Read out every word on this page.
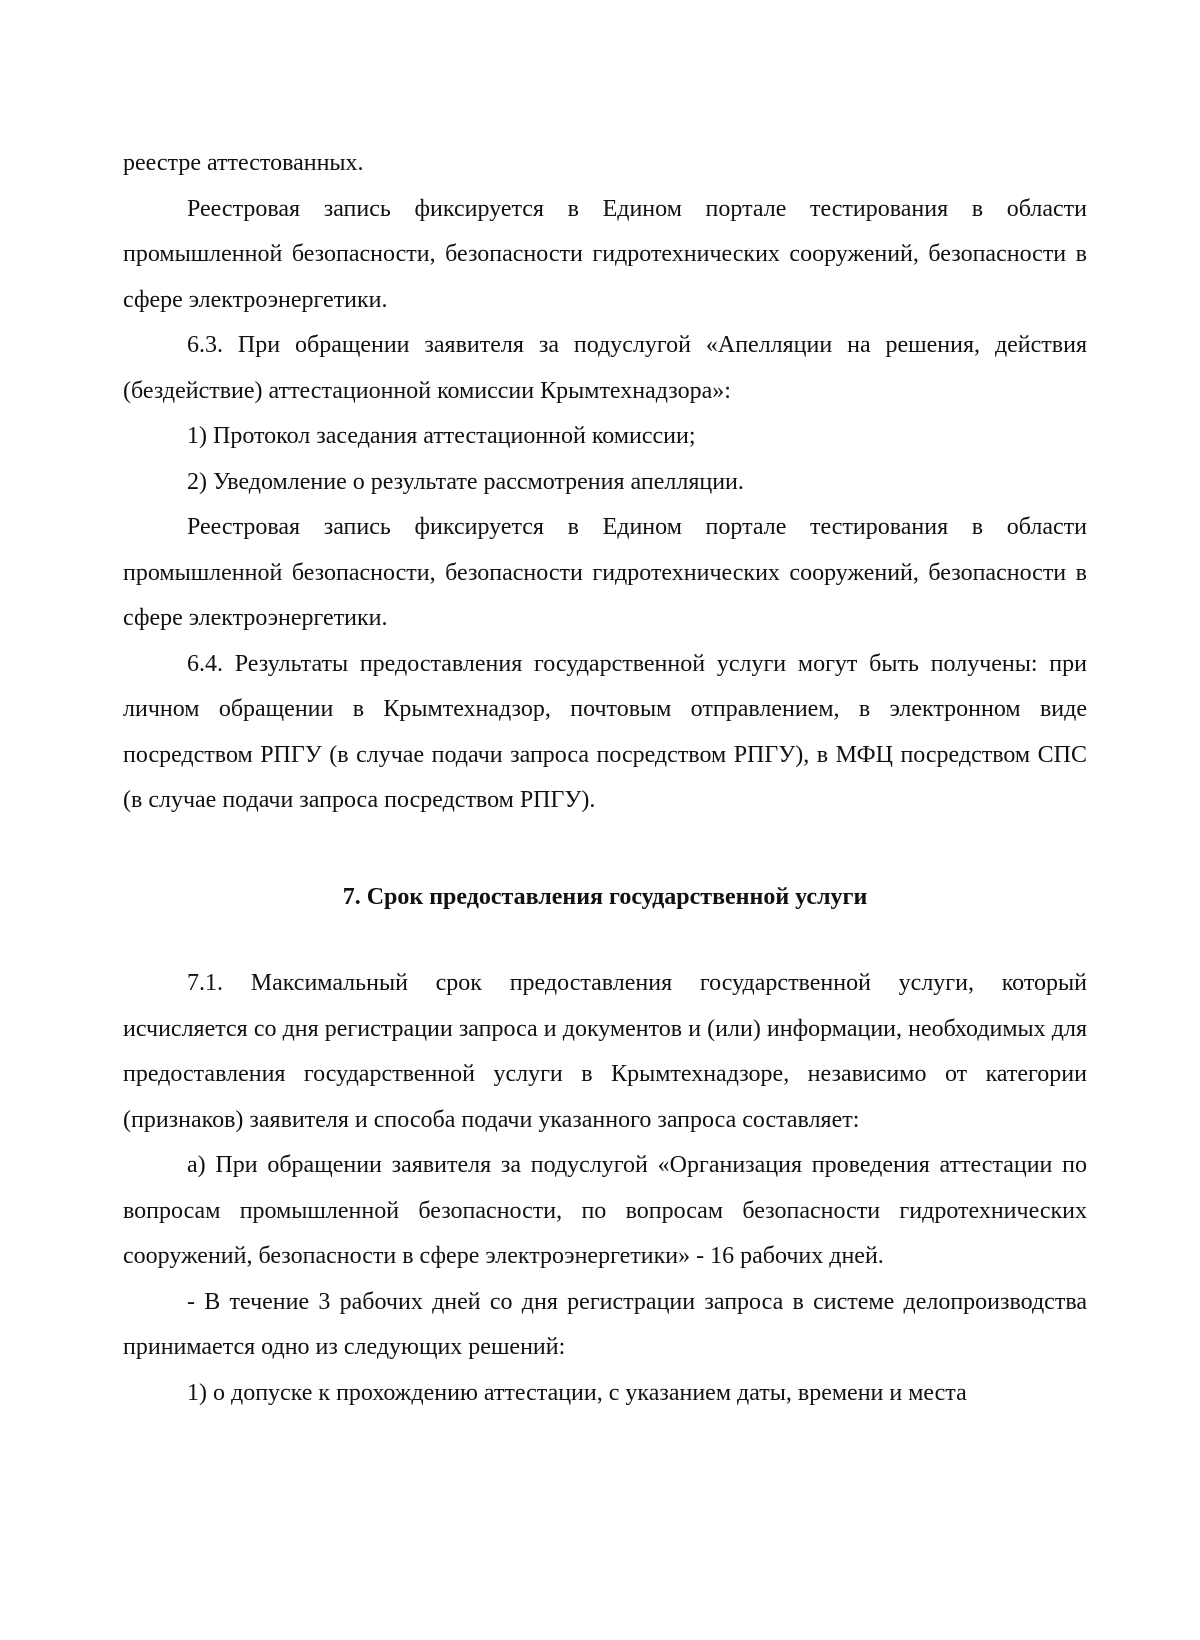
реестре аттестованных.

Реестровая запись фиксируется в Едином портале тестирования в области промышленной безопасности, безопасности гидротехнических сооружений, безопасности в сфере электроэнергетики.

6.3. При обращении заявителя за подуслугой «Апелляции на решения, действия (бездействие) аттестационной комиссии Крымтехнадзора»:

1) Протокол заседания аттестационной комиссии;

2) Уведомление о результате рассмотрения апелляции.

Реестровая запись фиксируется в Едином портале тестирования в области промышленной безопасности, безопасности гидротехнических сооружений, безопасности в сфере электроэнергетики.

6.4. Результаты предоставления государственной услуги могут быть получены: при личном обращении в Крымтехнадзор, почтовым отправлением, в электронном виде посредством РПГУ (в случае подачи запроса посредством РПГУ), в МФЦ посредством СПС (в случае подачи запроса посредством РПГУ).

7. Срок предоставления государственной услуги

7.1. Максимальный срок предоставления государственной услуги, который исчисляется со дня регистрации запроса и документов и (или) информации, необходимых для предоставления государственной услуги в Крымтехнадзоре, независимо от категории (признаков) заявителя и способа подачи указанного запроса составляет:

а) При обращении заявителя за подуслугой «Организация проведения аттестации по вопросам промышленной безопасности, по вопросам безопасности гидротехнических сооружений, безопасности в сфере электроэнергетики» - 16 рабочих дней.

- В течение 3 рабочих дней со дня регистрации запроса в системе делопроизводства принимается одно из следующих решений:

1) о допуске к прохождению аттестации, с указанием даты, времени и места
